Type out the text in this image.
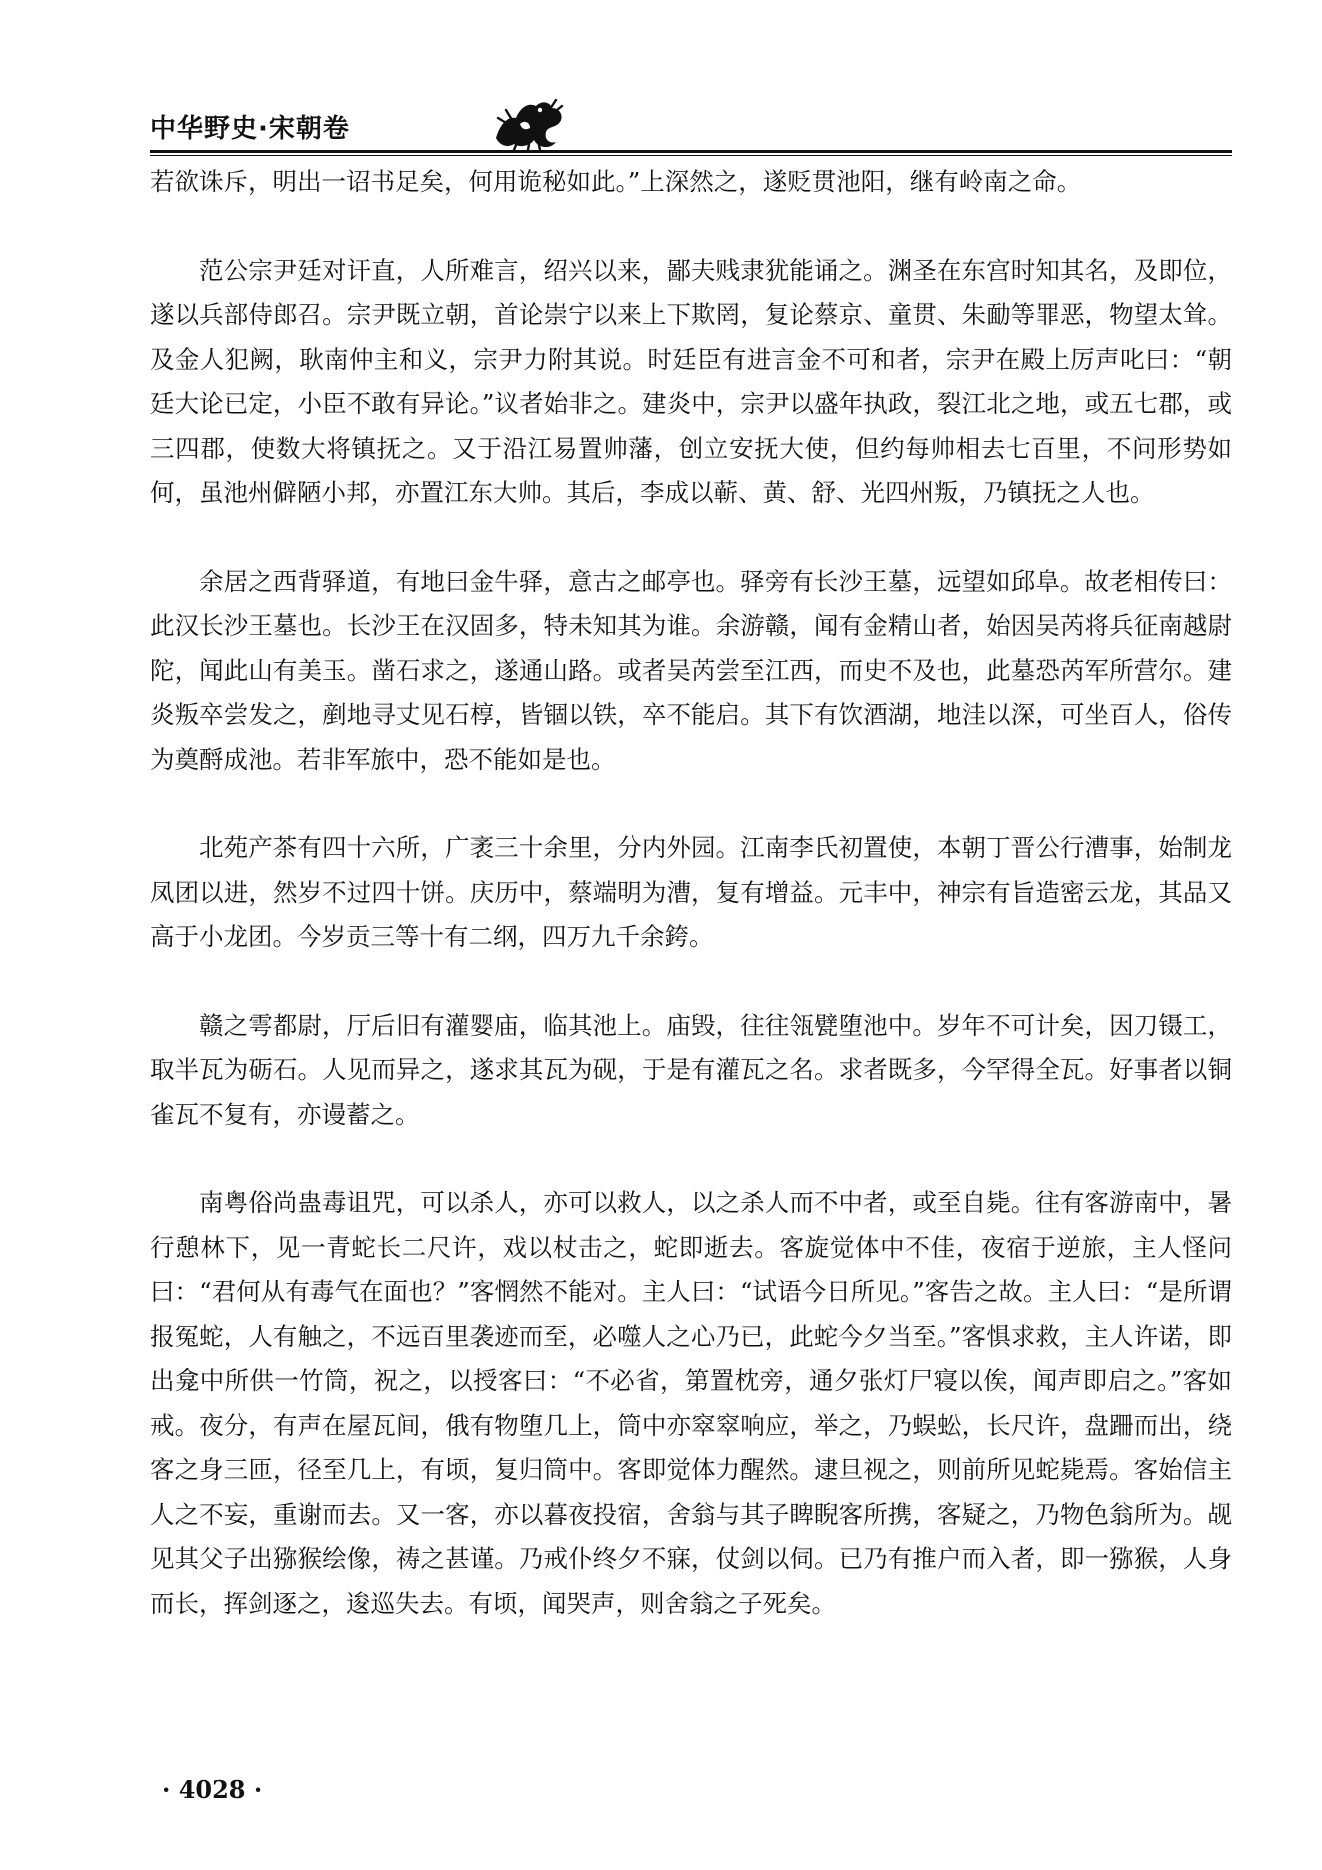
中华野史·宋朝卷

若欲诛斥，明出一诏书足矣，何用诡秘如此。”上深然之，遂贬贯池阳，继有岭南之命。

范公宗尹廷对讦直，人所难言，绍兴以来，鄙夫贱隶犹能诵之。渊圣在东宫时知其名，及即位，遂以兵部侍郎召。宗尹既立朝，首论崇宁以来上下欺罔，复论蔡京、童贯、朱勔等罪恶，物望太耸。及金人犯阙，耿南仲主和义，宗尹力附其说。时廷臣有进言金不可和者，宗尹在殿上厉声叱曰：“朝廷大论已定，小臣不敢有异论。”议者始非之。建炎中，宗尹以盛年执政，裂江北之地，或五七郡，或三四郡，使数大将镇抚之。又于沿江易置帅藩，创立安抚大使，但约每帅相去七百里，不问形势如何，虽池州僻陋小邦，亦置江东大帅。其后，李成以蕲、黄、舒、光四州叛，乃镇抚之人也。

余居之西背驿道，有地曰金牛驿，意古之邮亭也。驿旁有长沙王墓，远望如邱阜。故老相传曰：此汉长沙王墓也。长沙王在汉固多，特未知其为谁。余游赣，闻有金精山者，始因吴芮将兵征南越尉陀，闻此山有美玉。凿石求之，遂通山路。或者吴芮尝至江西，而史不及也，此墓恐芮军所营尔。建炎叛卒尝发之，剷地寻丈见石椁，皆锢以铁，卒不能启。其下有饮酒湖，地洼以深，可坐百人，俗传为奠酹成池。若非军旅中，恐不能如是也。

北苑产茶有四十六所，广袤三十余里，分内外园。江南李氏初置使，本朝丁晋公行漕事，始制龙凤团以进，然岁不过四十饼。庆历中，蔡端明为漕，复有增益。元丰中，神宗有旨造密云龙，其品又高于小龙团。今岁贡三等十有二纲，四万九千余銙。

赣之雩都尉，厅后旧有灌婴庙，临其池上。庙毁，往往瓴甓堕池中。岁年不可计矣，因刀镊工，取半瓦为砺石。人见而异之，遂求其瓦为砚，于是有灌瓦之名。求者既多，今罕得全瓦。好事者以铜雀瓦不复有，亦谩蓄之。

南粤俗尚蛊毒诅咒，可以杀人，亦可以救人，以之杀人而不中者，或至自毙。往有客游南中，暑行憩林下，见一青蛇长二尺许，戏以杖击之，蛇即逝去。客旋觉体中不佳，夜宿于逆旅，主人怪问曰：“君何从有毒气在面也？”客惘然不能对。主人曰：“试语今日所见。”客告之故。主人曰：“是所谓报冤蛇，人有触之，不远百里袭迹而至，必噬人之心乃已，此蛇今夕当至。”客惧求救，主人许诺，即出龛中所供一竹筒，祝之，以授客曰：“不必省，第置枕旁，通夕张灯尸寝以俟，闻声即启之。”客如戒。夜分，有声在屋瓦间，俄有物堕几上，筒中亦窣窣响应，举之，乃蜈蚣，长尺许，盘跚而出，绕客之身三匝，径至几上，有顷，复归筒中。客即觉体力醒然。逮旦视之，则前所见蛇毙焉。客始信主人之不妄，重谢而去。又一客，亦以暮夜投宿，舍翁与其子睥睨客所携，客疑之，乃物色翁所为。觇见其父子出猕猴绘像，祷之甚谨。乃戒仆终夕不寐，仗剑以伺。已乃有推户而入者，即一猕猴，人身而长，挥剑逐之，逡巡失去。有顷，闻哭声，则舍翁之子死矣。

· 4028 ·
